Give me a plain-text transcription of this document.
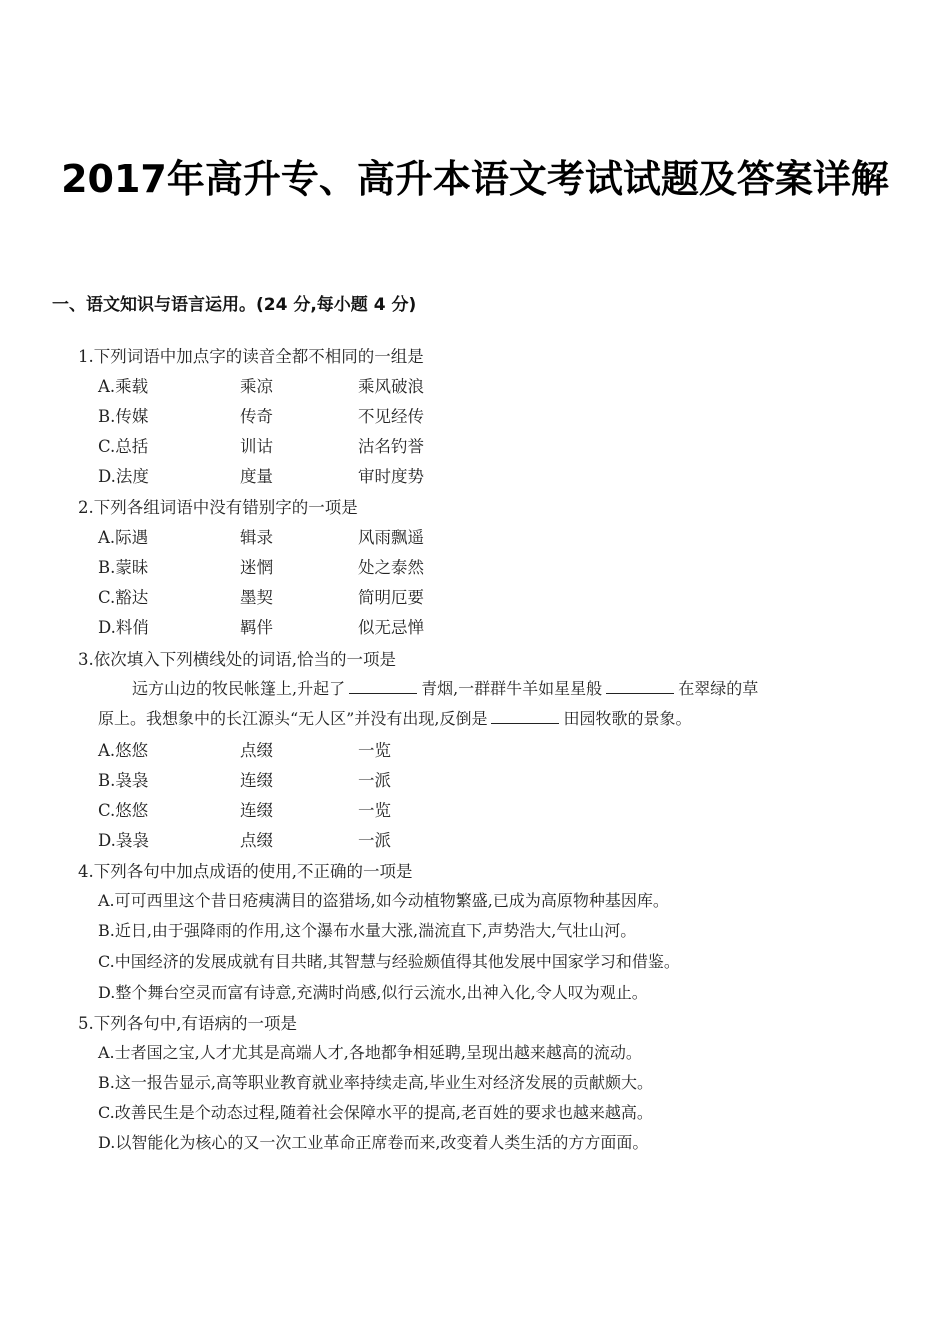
2017年高升专、高升本语文考试试题及答案详解
一、语文知识与语言运用。(24 分,每小题 4 分)
1.下列词语中加点字的读音全都不相同的一组是
A.乘载	乘凉	乘风破浪
B.传媒	传奇	不见经传
C.总括	训诂	沽名钓誉
D.法度	度量	审时度势
2.下列各组词语中没有错别字的一项是
A.际遇	辑录	风雨飘遥
B.蒙昧	迷惘	处之泰然
C.豁达	墨契	简明厄要
D.料俏	羁伴	似无忌惮
3.依次填入下列横线处的词语,恰当的一项是
远方山边的牧民帐篷上,升起了	青烟,一群群牛羊如星星般	在翠绿的草
原上。我想象中的长江源头“无人区”并没有出现,反倒是	田园牧歌的景象。
A.悠悠	点缀	一览
B.袅袅	连缀	一派
C.悠悠	连缀	一览
D.袅袅	点缀	一派
4.下列各句中加点成语的使用,不正确的一项是
A.可可西里这个昔日疮痍满目的盗猎场,如今动植物繁盛,已成为高原物种基因库。
B.近日,由于强降雨的作用,这个瀑布水量大涨,湍流直下,声势浩大,气壮山河。
C.中国经济的发展成就有目共睹,其智慧与经验颇值得其他发展中国家学习和借鉴。
D.整个舞台空灵而富有诗意,充满时尚感,似行云流水,出神入化,令人叹为观止。
5.下列各句中,有语病的一项是
A.士者国之宝,人才尤其是高端人才,各地都争相延聘,呈现出越来越高的流动。
B.这一报告显示,高等职业教育就业率持续走高,毕业生对经济发展的贡献颇大。
C.改善民生是个动态过程,随着社会保障水平的提高,老百姓的要求也越来越高。
D.以智能化为核心的又一次工业革命正席卷而来,改变着人类生活的方方面面。
